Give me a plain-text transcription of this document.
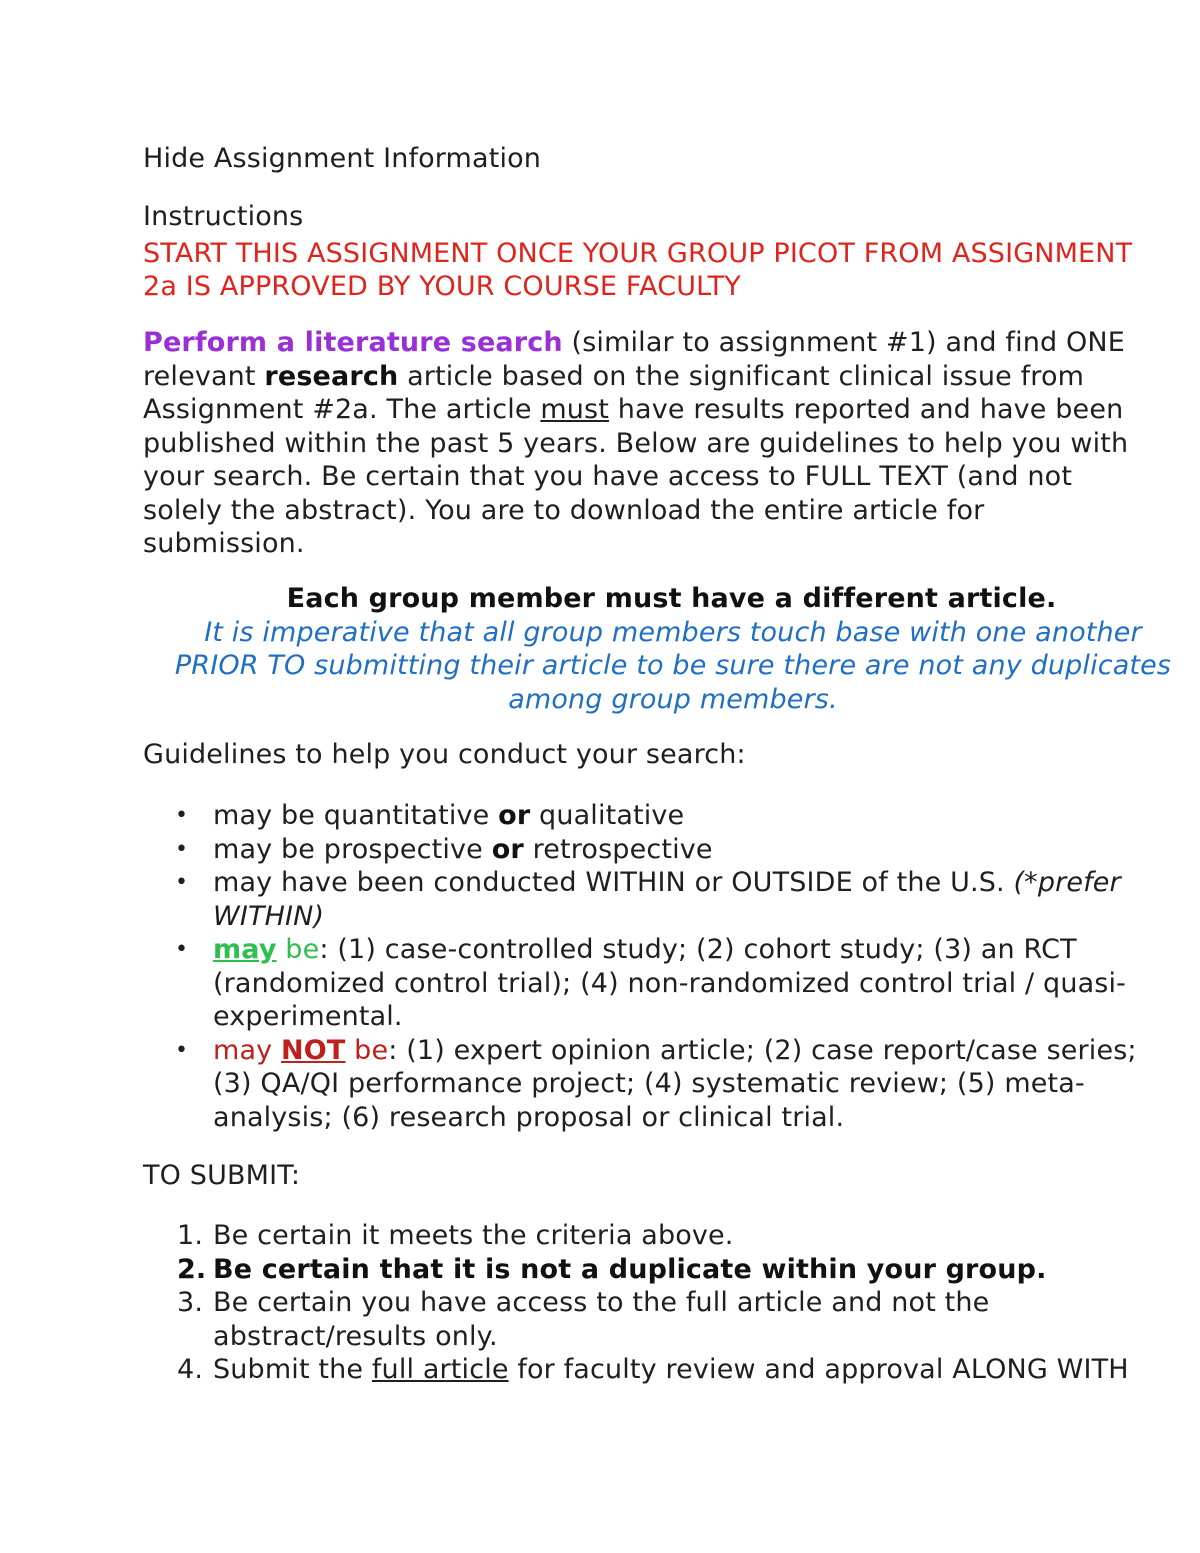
Hide Assignment Information
Instructions
START THIS ASSIGNMENT ONCE YOUR GROUP PICOT FROM ASSIGNMENT
2a IS APPROVED BY YOUR COURSE FACULTY
Perform a literature search (similar to assignment #1) and find ONE
relevant research article based on the significant clinical issue from
Assignment #2a. The article must have results reported and have been
published within the past 5 years. Below are guidelines to help you with
your search. Be certain that you have access to FULL TEXT (and not
solely the abstract). You are to download the entire article for
submission.
Each group member must have a different article.
It is imperative that all group members touch base with one another
PRIOR TO submitting their article to be sure there are not any duplicates
among group members.
Guidelines to help you conduct your search:
• may be quantitative or qualitative
• may be prospective or retrospective
• may have been conducted WITHIN or OUTSIDE of the U.S. (*prefer
WITHIN)
• may be: (1) case-controlled study; (2) cohort study; (3) an RCT
(randomized control trial); (4) non-randomized control trial / quasi-
experimental.
• may NOT be: (1) expert opinion article; (2) case report/case series;
(3) QA/QI performance project; (4) systematic review; (5) meta-
analysis; (6) research proposal or clinical trial.
TO SUBMIT:
1. Be certain it meets the criteria above.
2. Be certain that it is not a duplicate within your group.
3. Be certain you have access to the full article and not the
abstract/results only.
4. Submit the full article for faculty review and approval ALONG WITH
